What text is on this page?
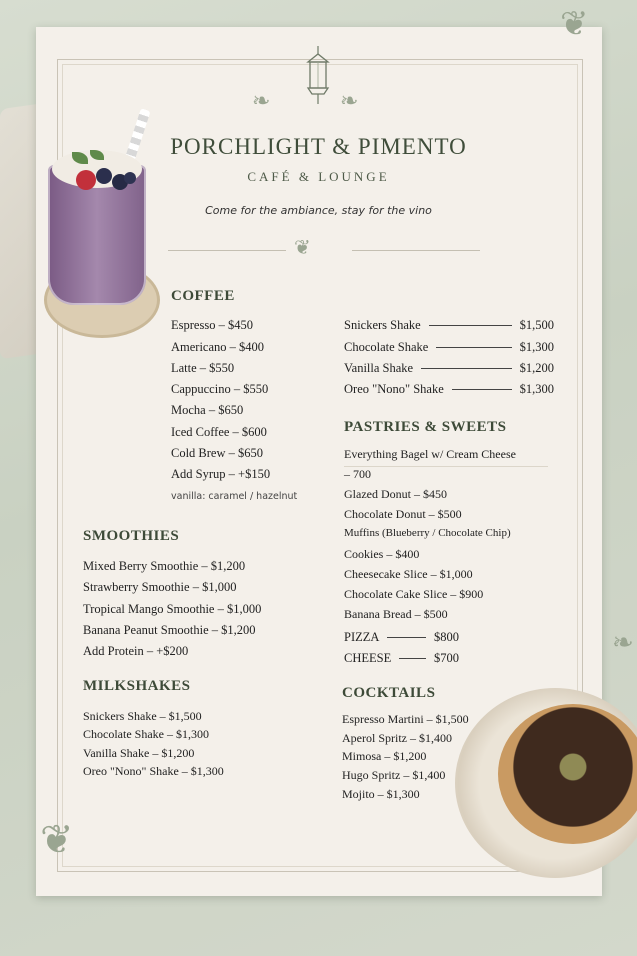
❦
❦
❧
❧	❧
PORCHLIGHT & PIMENTO
CAFÉ & LOUNGE
Come for the ambiance, stay for the vino
❦
COFFEE
Espresso – $450
Americano – $400
Latte – $550
Cappuccino – $550
Mocha – $650
Iced Coffee – $600
Cold Brew – $650
Add Syrup – +$150
vanilla: caramel / hazelnut
Snickers Shake	$1,500
Chocolate Shake	$1,300
Vanilla Shake	$1,200
Oreo "Nono" Shake	$1,300
PASTRIES & SWEETS
Everything Bagel w/ Cream Cheese
– 700
Glazed Donut – $450
Chocolate Donut – $500
Muffins (Blueberry / Chocolate Chip)
Cookies – $400
Cheesecake Slice – $1,000
Chocolate Cake Slice – $900
Banana Bread – $500
PIZZA	$800
CHEESE	$700
SMOOTHIES
Mixed Berry Smoothie – $1,200
Strawberry Smoothie – $1,000
Tropical Mango Smoothie – $1,000
Banana Peanut Smoothie – $1,200
Add Protein – +$200
MILKSHAKES
Snickers Shake – $1,500
Chocolate Shake – $1,300
Vanilla Shake – $1,200
Oreo "Nono" Shake – $1,300
COCKTAILS
Espresso Martini – $1,500
Aperol Spritz – $1,400
Mimosa – $1,200
Hugo Spritz – $1,400
Mojito – $1,300
